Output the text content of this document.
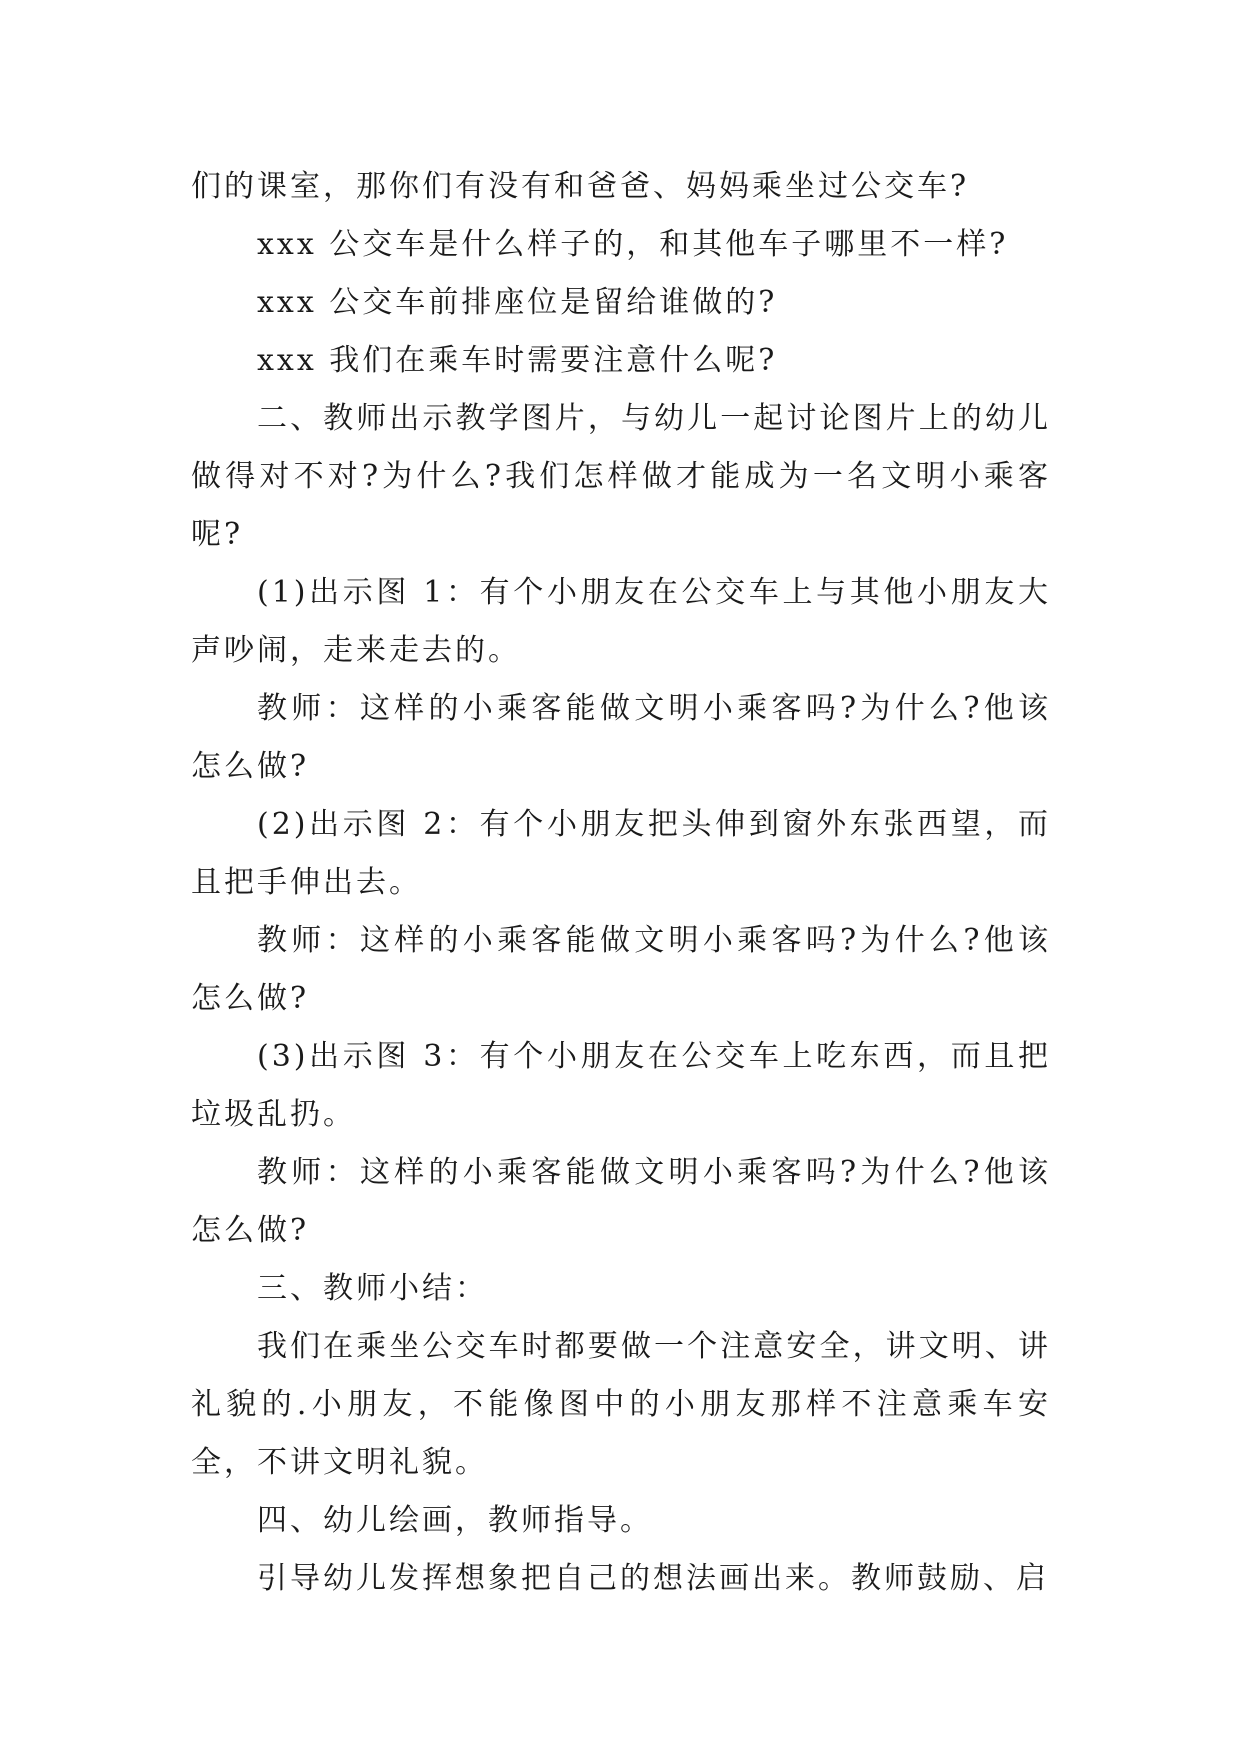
们的课室，那你们有没有和爸爸、妈妈乘坐过公交车?

xxx 公交车是什么样子的，和其他车子哪里不一样?

xxx 公交车前排座位是留给谁做的?

xxx 我们在乘车时需要注意什么呢?

二、教师出示教学图片，与幼儿一起讨论图片上的幼儿做得对不对?为什么?我们怎样做才能成为一名文明小乘客呢?

(1)出示图 1：有个小朋友在公交车上与其他小朋友大声吵闹，走来走去的。

教师：这样的小乘客能做文明小乘客吗?为什么?他该怎么做?

(2)出示图 2：有个小朋友把头伸到窗外东张西望，而且把手伸出去。

教师：这样的小乘客能做文明小乘客吗?为什么?他该怎么做?

(3)出示图 3：有个小朋友在公交车上吃东西，而且把垃圾乱扔。

教师：这样的小乘客能做文明小乘客吗?为什么?他该怎么做?

三、教师小结：

我们在乘坐公交车时都要做一个注意安全，讲文明、讲礼貌的.小朋友，不能像图中的小朋友那样不注意乘车安全，不讲文明礼貌。

四、幼儿绘画，教师指导。

引导幼儿发挥想象把自己的想法画出来。教师鼓励、启
